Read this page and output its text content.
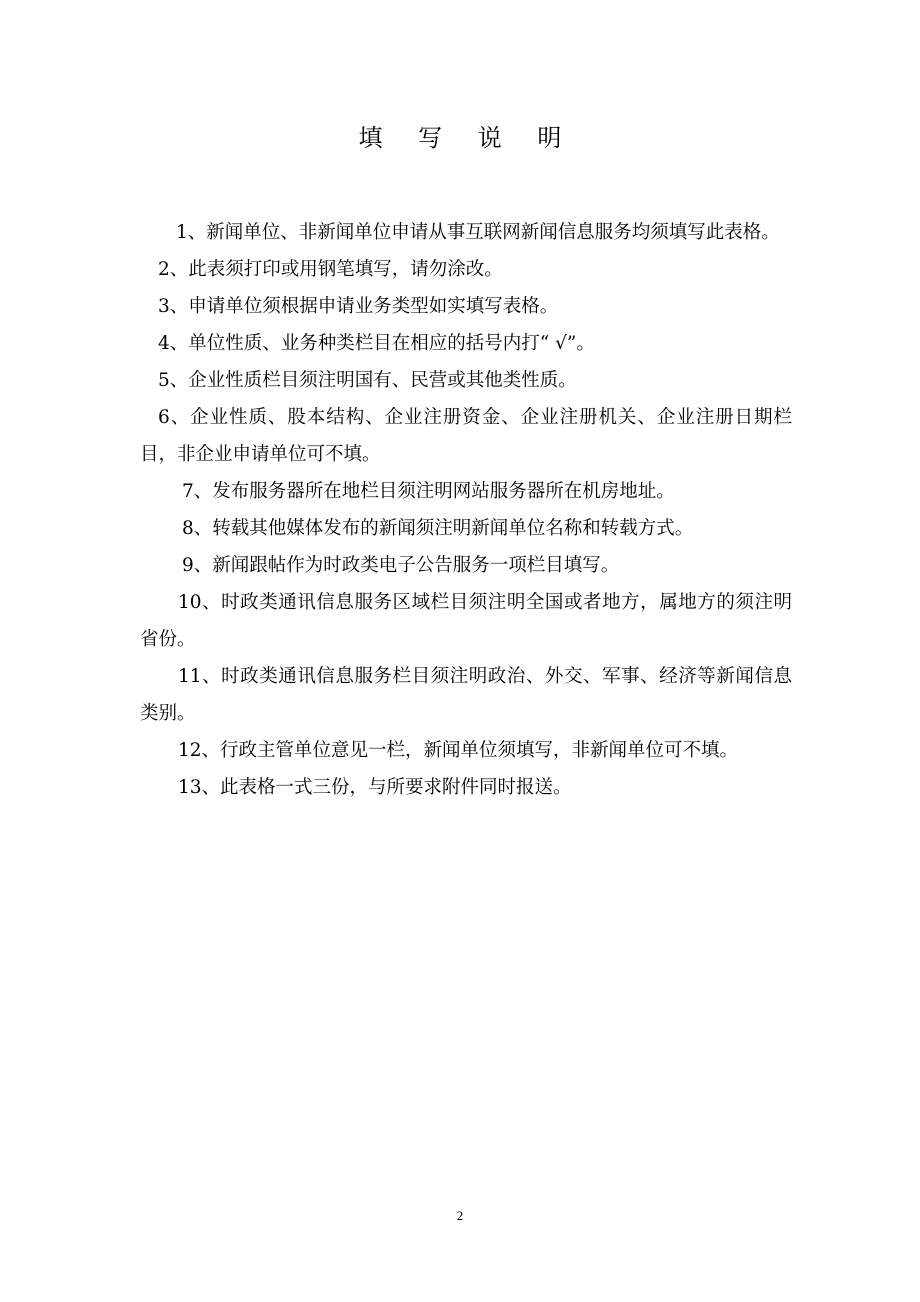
填 写 说 明

1、新闻单位、非新闻单位申请从事互联网新闻信息服务均须填写此表格。

2、此表须打印或用钢笔填写，请勿涂改。

3、申请单位须根据申请业务类型如实填写表格。

4、单位性质、业务种类栏目在相应的括号内打“ √”。

5、企业性质栏目须注明国有、民营或其他类性质。

6、企业性质、股本结构、企业注册资金、企业注册机关、企业注册日期栏目，非企业申请单位可不填。

7、发布服务器所在地栏目须注明网站服务器所在机房地址。

8、转载其他媒体发布的新闻须注明新闻单位名称和转载方式。

9、新闻跟帖作为时政类电子公告服务一项栏目填写。

10、时政类通讯信息服务区域栏目须注明全国或者地方，属地方的须注明省份。

11、时政类通讯信息服务栏目须注明政治、外交、军事、经济等新闻信息类别。

12、行政主管单位意见一栏，新闻单位须填写，非新闻单位可不填。

13、此表格一式三份，与所要求附件同时报送。

2
